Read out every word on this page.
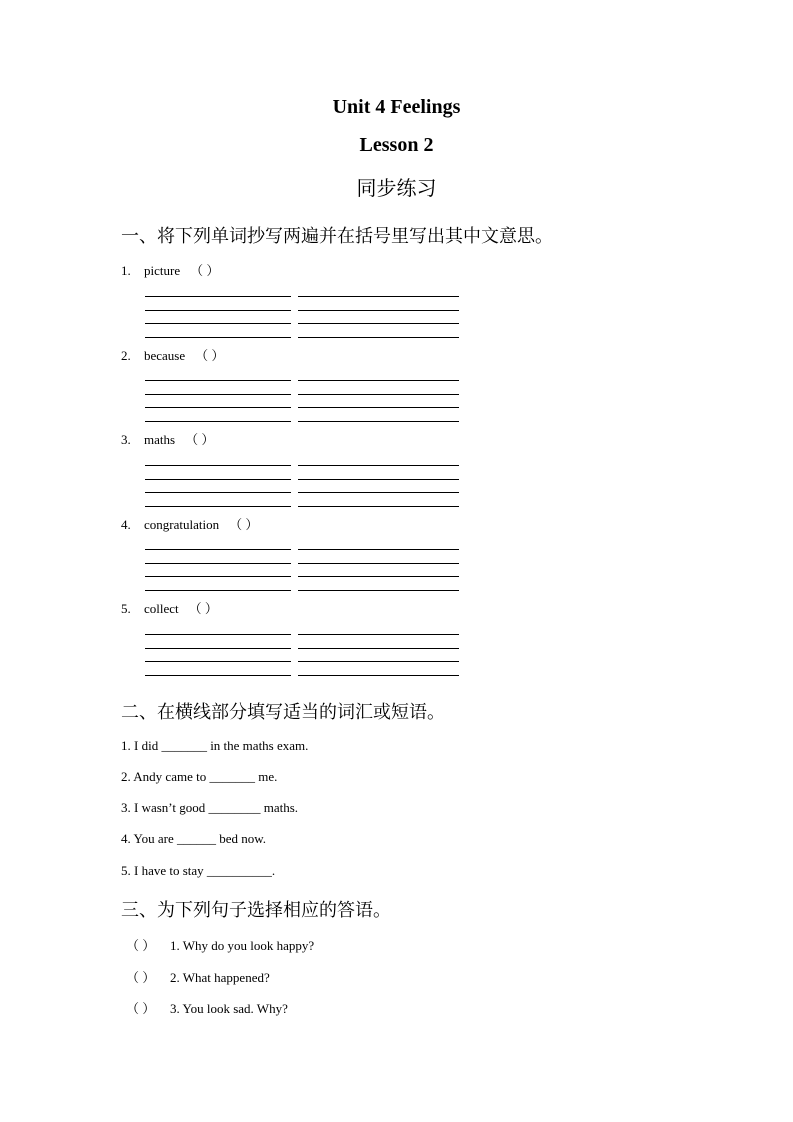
Unit 4 Feelings
Lesson 2
同步练习
一、将下列单词抄写两遍并在括号里写出其中文意思。
1. picture （ ）
2. because （ ）
3. maths （ ）
4. congratulation （ ）
5. collect （ ）
二、在横线部分填写适当的词汇或短语。
1. I did _______ in the maths exam.
2. Andy came to _______ me.
3. I wasn’t good ________ maths.
4. You are ______ bed now.
5. I have to stay __________.
三、为下列句子选择相应的答语。
（ ） 1. Why do you look happy?
（ ） 2. What happened?
（ ） 3. You look sad. Why?
